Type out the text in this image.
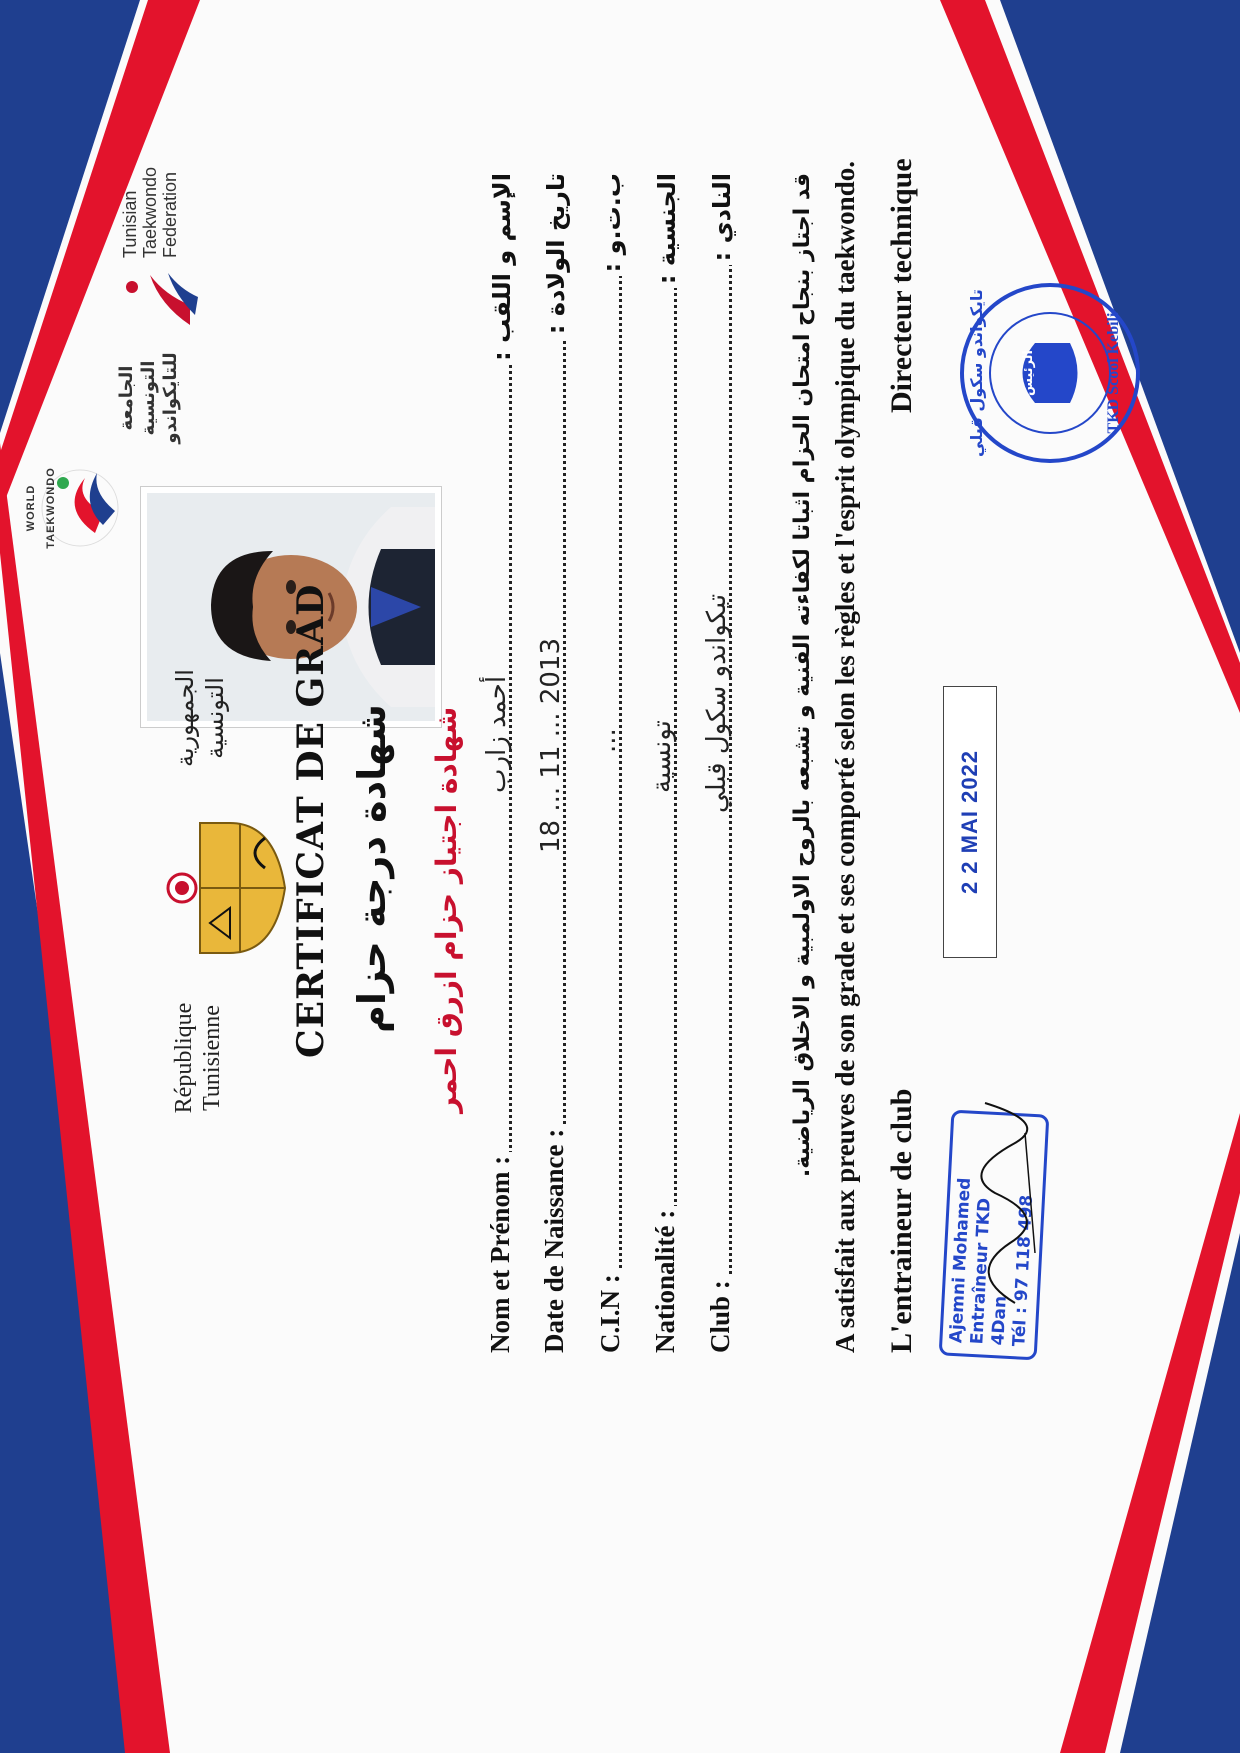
WORLD TAEKWONDO
République Tunisienne
الجمهورية التونسية
الجامعة التونسية للتايكواندو
Tunisian Taekwondo Federation
CERTIFICAT DE GRAD شهادة درجة حزام شهادة اجتياز حزام ازرق احمر
Nom et Prénom :
أحمد زارب
الإسم و اللقب :
Date de Naissance :
18 ... 11 ... 2013
تاريخ الولادة :
C.I.N :
...
ب.ت.و :
Nationalité :
تونسية
الجنسية :
Club :
تيكواندو سكول قبلي
النادي : قد اجتاز بنجاح امتحان الحزام اثباتا لكفاءته الفنية و تشبعه بالروح الاولمبية و الاخلاق الرياضية. A satisfait aux preuves de son grade et ses comporté selon les règles et l'esprit olympique du taekwondo. L'entraineur de club
Directeur technique
Ajemni Mohamed
Entraîneur TKD
4Dan
Tél : 97 118 498
2 2 MAI 2022
تايكواندو سكول قبلي	الرئيس	TKD Scool Kebili
